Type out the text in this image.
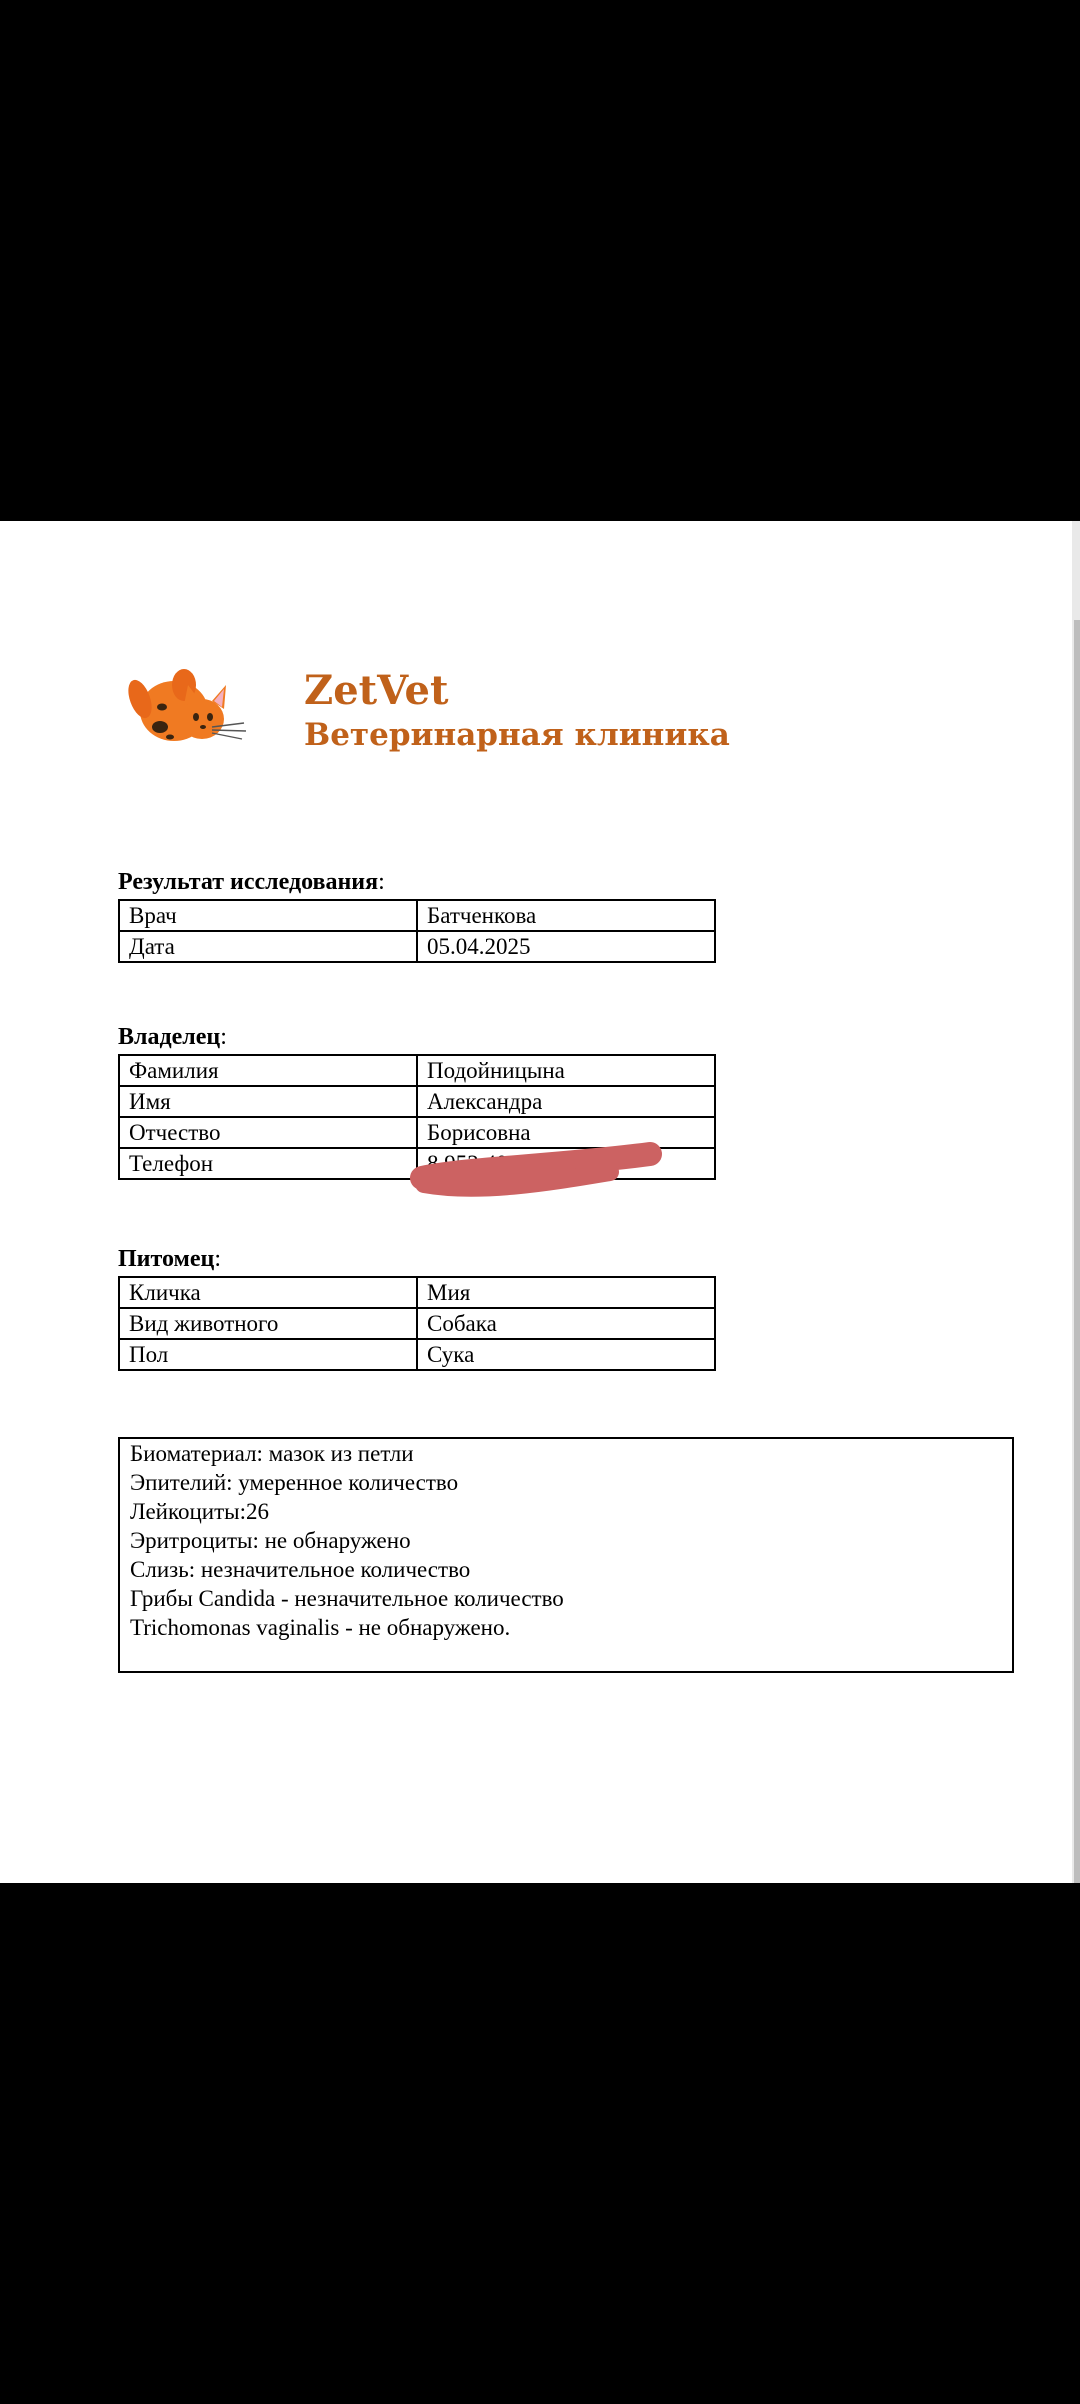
ZetVet
Ветеринарная клиника
Результат исследования:
Врач	Батченкова
Дата	05.04.2025
Владелец:
Фамилия	Подойницына
Имя	Александра
Отчество	Борисовна
Телефон	8 952 40 17
Питомец:
Кличка	Мия
Вид животного	Собака
Пол	Сука
Биоматериал: мазок из петли
Эпителий: умеренное количество
Лейкоциты:26
Эритроциты: не обнаружено
Слизь: незначительное количество
Грибы Candida - незначительное количество
Trichomonas vaginalis - не обнаружено.
